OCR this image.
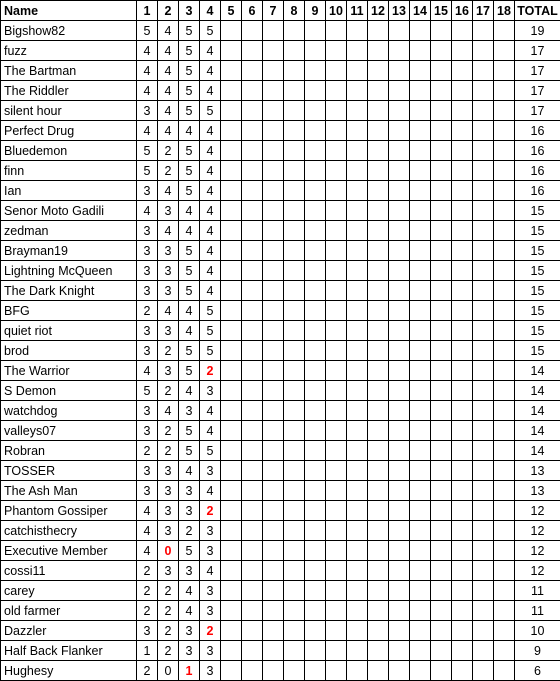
Name	1	2	3	4	5	6	7	8	9	10	11	12	13	14	15	16	17	18	TOTAL
Bigshow82	5	4	5	5															19
fuzz	4	4	5	4															17
The Bartman	4	4	5	4															17
The Riddler	4	4	5	4															17
silent hour	3	4	5	5															17
Perfect Drug	4	4	4	4															16
Bluedemon	5	2	5	4															16
finn	5	2	5	4															16
Ian	3	4	5	4															16
Senor Moto Gadili	4	3	4	4															15
zedman	3	4	4	4															15
Brayman19	3	3	5	4															15
Lightning McQueen	3	3	5	4															15
The Dark Knight	3	3	5	4															15
BFG	2	4	4	5															15
quiet riot	3	3	4	5															15
brod	3	2	5	5															15
The Warrior	4	3	5	2															14
S Demon	5	2	4	3															14
watchdog	3	4	3	4															14
valleys07	3	2	5	4															14
Robran	2	2	5	5															14
TOSSER	3	3	4	3															13
The Ash Man	3	3	3	4															13
Phantom Gossiper	4	3	3	2															12
catchisthecry	4	3	2	3															12
Executive Member	4	0	5	3															12
cossi11	2	3	3	4															12
carey	2	2	4	3															11
old farmer	2	2	4	3															11
Dazzler	3	2	3	2															10
Half Back Flanker	1	2	3	3															9
Hughesy	2	0	1	3															6
